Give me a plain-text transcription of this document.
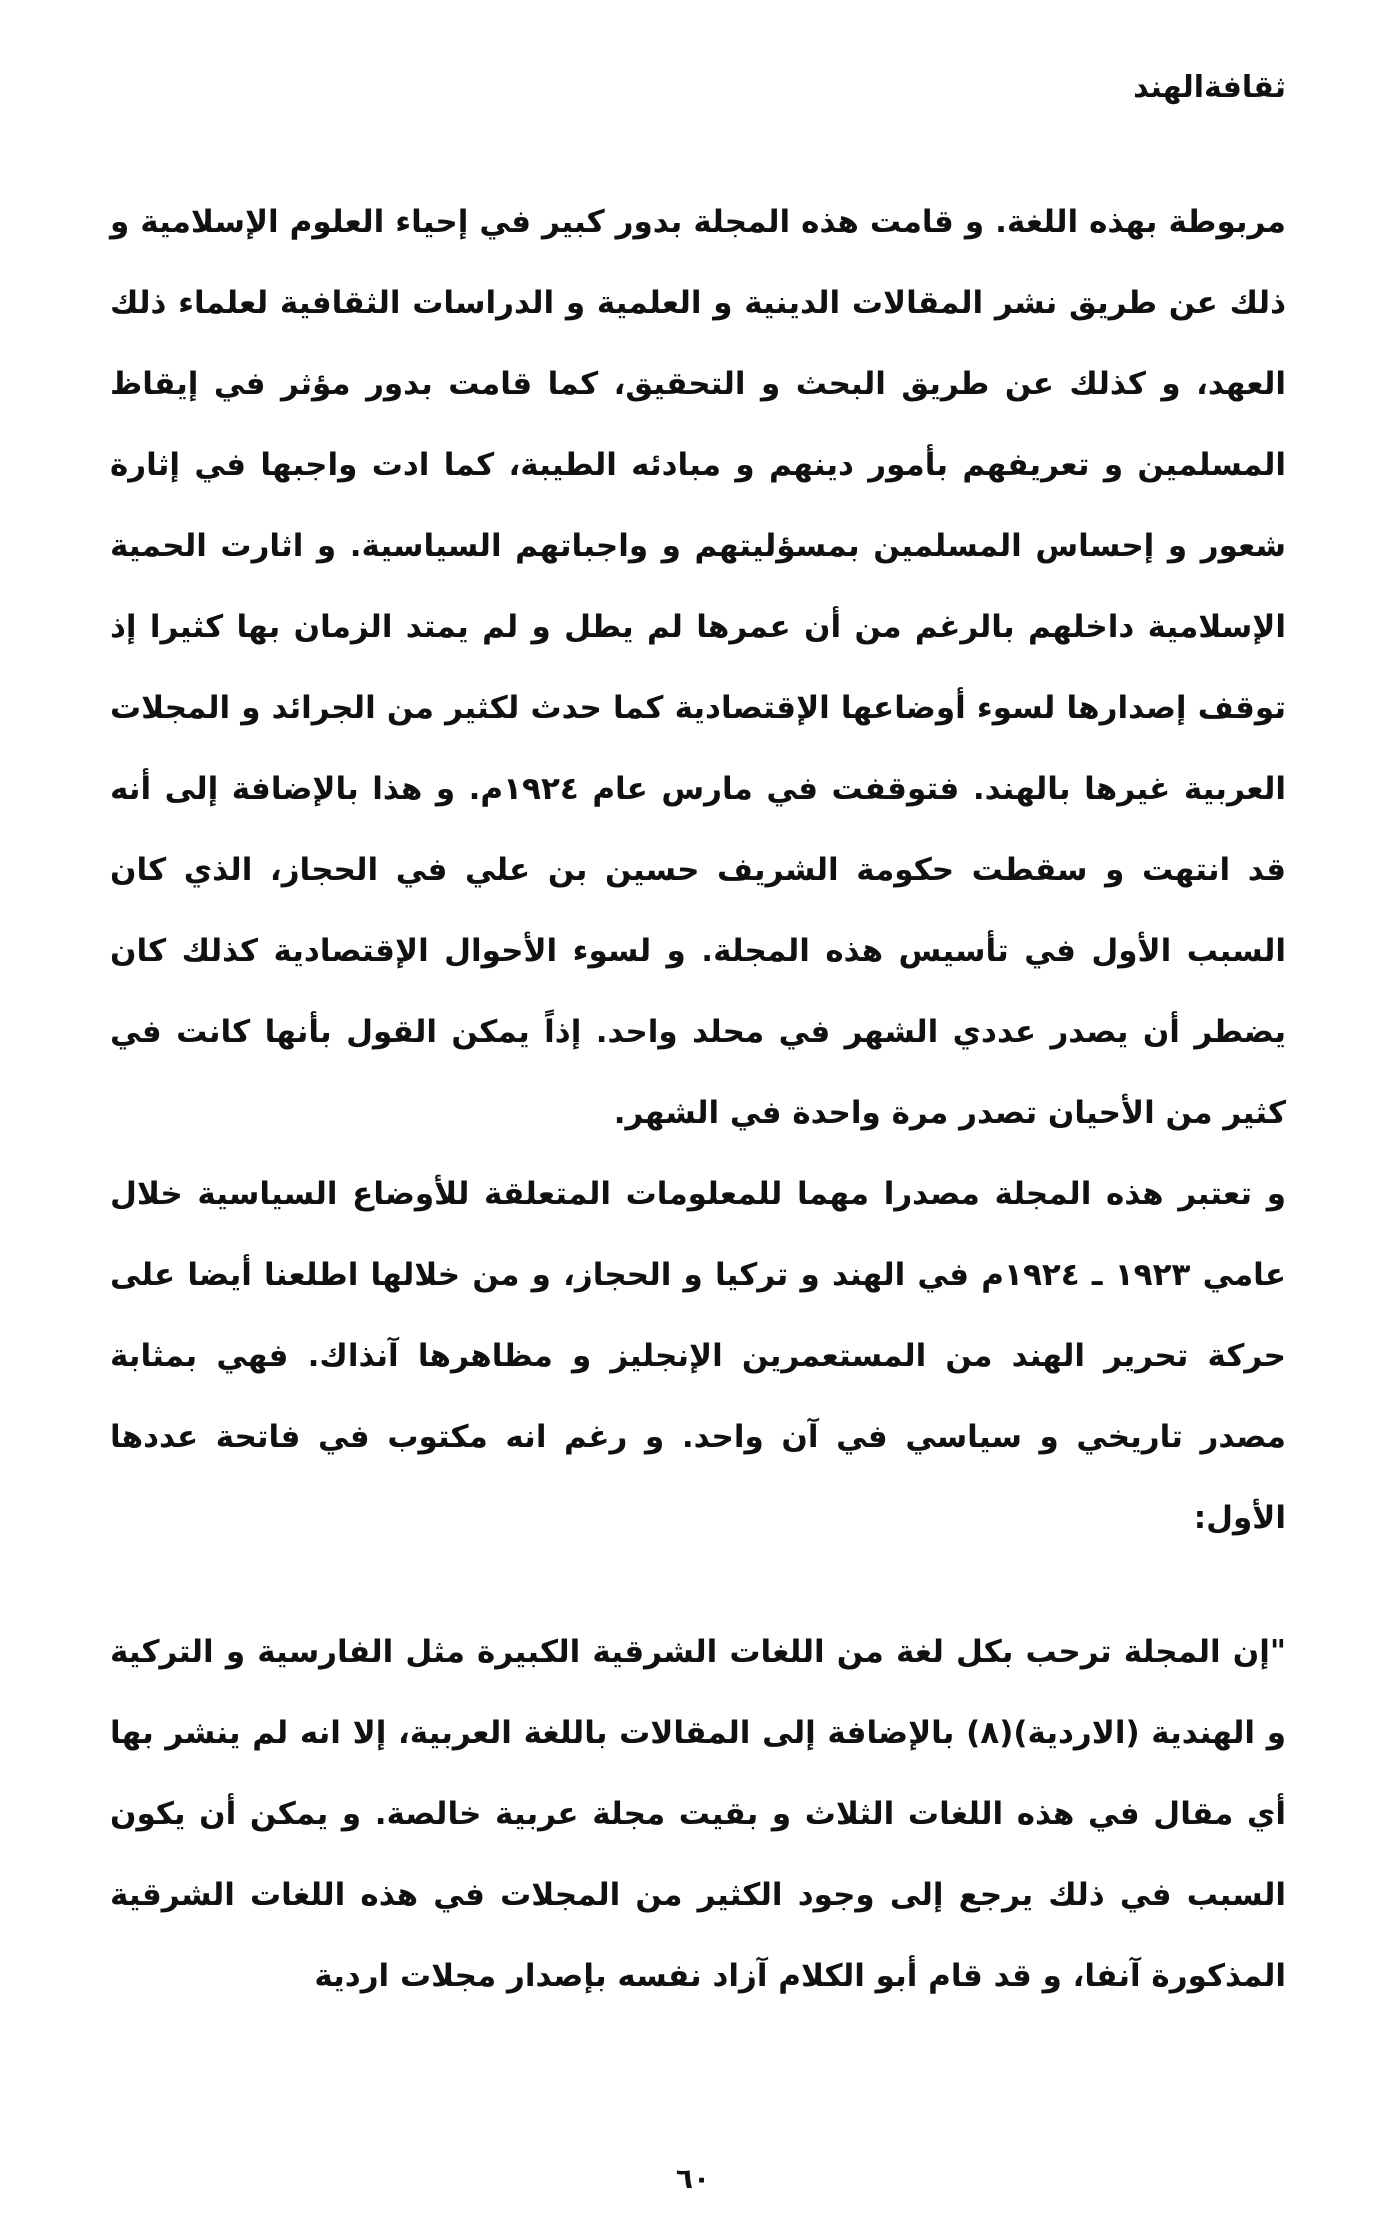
ثقافةالهند

مربوطة بهذه اللغة. و قامت هذه المجلة بدور كبير في إحياء العلوم الإسلامية و ذلك عن طريق نشر المقالات الدينية و العلمية و الدراسات الثقافية لعلماء ذلك العهد، و كذلك عن طريق البحث و التحقيق، كما قامت بدور مؤثر في إيقاظ المسلمين و تعريفهم بأمور دينهم و مبادئه الطيبة، كما ادت واجبها في إثارة شعور و إحساس المسلمين بمسؤليتهم و واجباتهم السياسية. و اثارت الحمية الإسلامية داخلهم بالرغم من أن عمرها لم يطل و لم يمتد الزمان بها كثيرا إذ توقف إصدارها لسوء أوضاعها الإقتصادية كما حدث لكثير من الجرائد و المجلات العربية غيرها بالهند. فتوقفت في مارس عام ١٩٢٤م. و هذا بالإضافة إلى أنه قد انتهت و سقطت حكومة الشريف حسين بن علي في الحجاز، الذي كان السبب الأول في تأسيس هذه المجلة. و لسوء الأحوال الإقتصادية كذلك كان يضطر أن يصدر عددي الشهر في محلد واحد. إذاً يمكن القول بأنها كانت في كثير من الأحيان تصدر مرة واحدة في الشهر.

و تعتبر هذه المجلة مصدرا مهما للمعلومات المتعلقة للأوضاع السياسية خلال عامي ١٩٢٣ ـ ١٩٢٤م في الهند و تركيا و الحجاز، و من خلالها اطلعنا أيضا على حركة تحرير الهند من المستعمرين الإنجليز و مظاهرها آنذاك. فهي بمثابة مصدر تاريخي و سياسي في آن واحد. و رغم انه مكتوب في فاتحة عددها الأول:

"إن المجلة ترحب بكل لغة من اللغات الشرقية الكبيرة مثل الفارسية و التركية و الهندية (الاردية)(٨) بالإضافة إلى المقالات باللغة العربية، إلا انه لم ينشر بها أي مقال في هذه اللغات الثلاث و بقيت مجلة عربية خالصة. و يمكن أن يكون السبب في ذلك يرجع إلى وجود الكثير من المجلات في هذه اللغات الشرقية المذكورة آنفا، و قد قام أبو الكلام آزاد نفسه بإصدار مجلات اردية

٦٠
